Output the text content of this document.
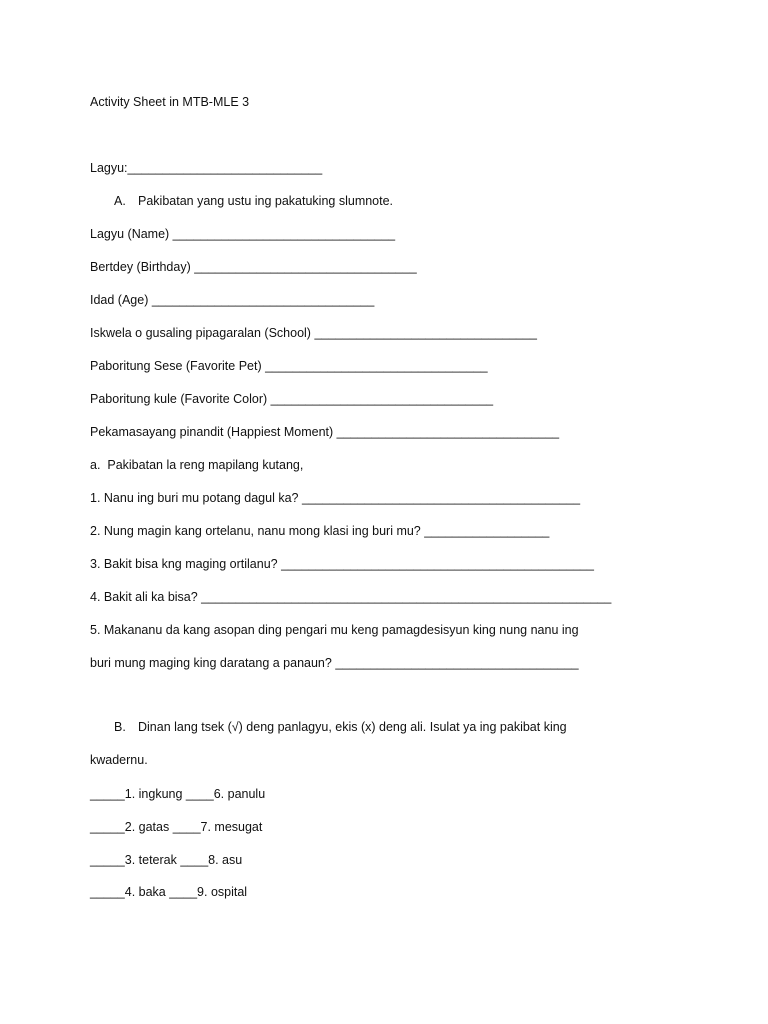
Activity Sheet in MTB-MLE 3
Lagyu:____________________________
A. Pakibatan yang ustu ing pakatuking slumnote.
Lagyu (Name) ________________________________
Bertdey (Birthday) ________________________________
Idad (Age) ________________________________
Iskwela o gusaling pipagaralan (School) ________________________________
Paboritung Sese (Favorite Pet) ________________________________
Paboritung kule (Favorite Color) ________________________________
Pekamasayang pinandit (Happiest Moment) ________________________________
a.  Pakibatan la reng mapilang kutang,
1. Nanu ing buri mu potang dagul ka? ________________________________________
2. Nung magin kang ortelanu, nanu mong klasi ing buri mu? __________________
3. Bakit bisa kng maging ortilanu? _____________________________________________
4. Bakit ali ka bisa? ___________________________________________________________
5. Makananu da kang asopan ding pengari mu keng pamagdesisyun king nung nanu ing
buri mung maging king daratang a panaun? ___________________________________
B. Dinan lang tsek (√) deng panlagyu, ekis (x) deng ali. Isulat ya ing pakibat king
kwadernu.
_____1. ingkung ____6. panulu
_____2. gatas ____7. mesugat
_____3. teterak ____8. asu
_____4. baka ____9. ospital
